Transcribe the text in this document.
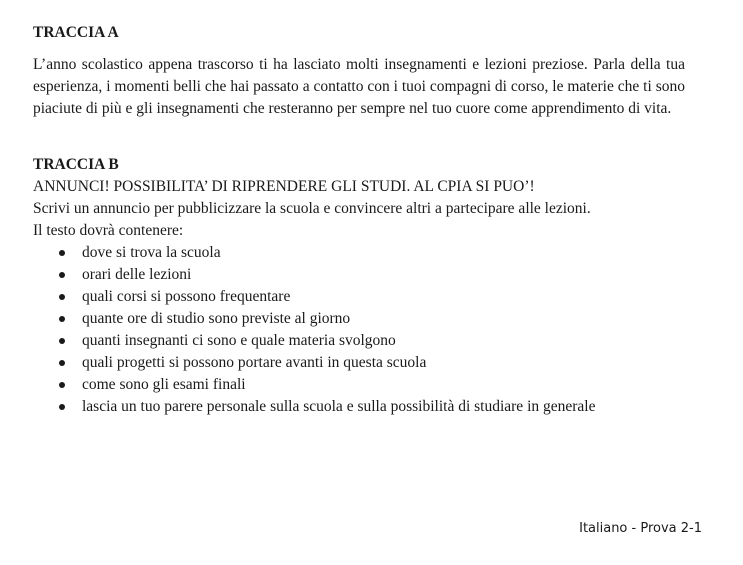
TRACCIA A
L’anno scolastico appena trascorso ti ha lasciato molti insegnamenti e lezioni preziose. Parla della tua esperienza, i momenti belli che hai passato a contatto con i tuoi compagni di corso, le materie che ti sono piaciute di più e gli insegnamenti che resteranno per sempre nel tuo cuore come apprendimento di vita.
TRACCIA B
ANNUNCI! POSSIBILITA’ DI RIPRENDERE GLI STUDI. AL CPIA SI PUO’!
Scrivi un annuncio per pubblicizzare la scuola e convincere altri a partecipare alle lezioni.
Il testo dovrà contenere:
dove si trova la scuola
orari delle lezioni
quali corsi si possono frequentare
quante ore di studio sono previste al giorno
quanti insegnanti ci sono e quale materia svolgono
quali progetti si possono portare avanti in questa scuola
come sono gli esami finali
lascia un tuo parere personale sulla scuola e sulla possibilità di studiare in generale
Italiano - Prova 2-1
